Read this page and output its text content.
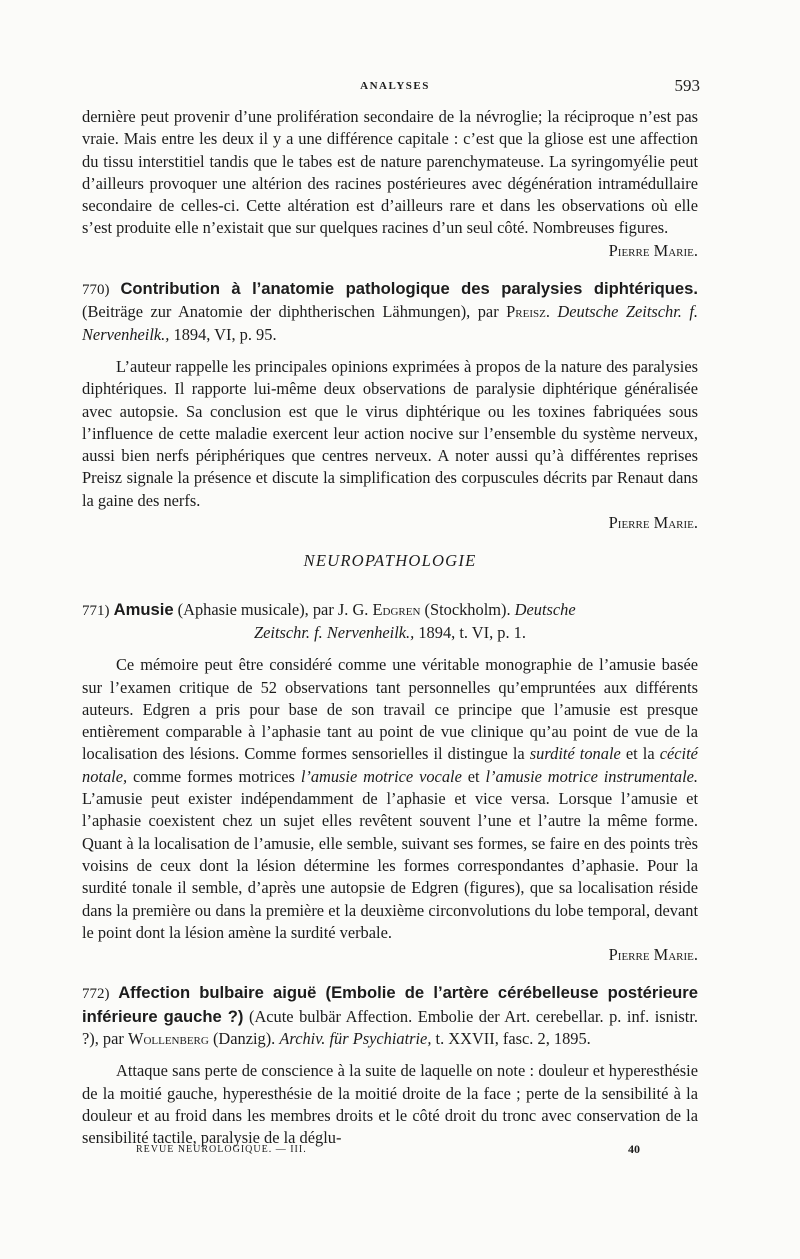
ANALYSES	593

dernière peut provenir d’une prolifération secondaire de la névroglie; la réciproque n’est pas vraie. Mais entre les deux il y a une différence capitale : c’est que la gliose est une affection du tissu interstitiel tandis que le tabes est de nature parenchymateuse. La syringomyélie peut d’ailleurs provoquer une altérion des racines postérieures avec dégénération intramédullaire secondaire de celles-ci. Cette altération est d’ailleurs rare et dans les observations où elle s’est produite elle n’existait que sur quelques racines d’un seul côté. Nombreuses figures.

Pierre Marie.

770) Contribution à l’anatomie pathologique des paralysies diphtériques. (Beiträge zur Anatomie der diphtherischen Lähmungen), par Preisz. Deutsche Zeitschr. f. Nervenheilk., 1894, VI, p. 95.

L’auteur rappelle les principales opinions exprimées à propos de la nature des paralysies diphtériques. Il rapporte lui-même deux observations de paralysie diphtérique généralisée avec autopsie. Sa conclusion est que le virus diphtérique ou les toxines fabriquées sous l’influence de cette maladie exercent leur action nocive sur l’ensemble du système nerveux, aussi bien nerfs périphériques que centres nerveux. A noter aussi qu’à différentes reprises Preisz signale la présence et discute la simplification des corpuscules décrits par Renaut dans la gaine des nerfs.

Pierre Marie.

NEUROPATHOLOGIE

771) Amusie (Aphasie musicale), par J. G. Edgren (Stockholm). Deutsche
Zeitschr. f. Nervenheilk., 1894, t. VI, p. 1.

Ce mémoire peut être considéré comme une véritable monographie de l’amusie basée sur l’examen critique de 52 observations tant personnelles qu’empruntées aux différents auteurs. Edgren a pris pour base de son travail ce principe que l’amusie est presque entièrement comparable à l’aphasie tant au point de vue clinique qu’au point de vue de la localisation des lésions. Comme formes sensorielles il distingue la surdité tonale et la cécité notale, comme formes motrices l’amusie motrice vocale et l’amusie motrice instrumentale. L’amusie peut exister indépendamment de l’aphasie et vice versa. Lorsque l’amusie et l’aphasie coexistent chez un sujet elles revêtent souvent l’une et l’autre la même forme. Quant à la localisation de l’amusie, elle semble, suivant ses formes, se faire en des points très voisins de ceux dont la lésion détermine les formes correspondantes d’aphasie. Pour la surdité tonale il semble, d’après une autopsie de Edgren (figures), que sa localisation réside dans la première ou dans la première et la deuxième circonvolutions du lobe temporal, devant le point dont la lésion amène la surdité verbale.

Pierre Marie.

772) Affection bulbaire aiguë (Embolie de l’artère cérébelleuse postérieure inférieure gauche ?) (Acute bulbär Affection. Embolie der Art. cerebellar. p. inf. isnistr. ?), par Wollenberg (Danzig). Archiv. für Psychiatrie, t. XXVII, fasc. 2, 1895.

Attaque sans perte de conscience à la suite de laquelle on note : douleur et hyperesthésie de la moitié gauche, hyperesthésie de la moitié droite de la face ; perte de la sensibilité à la douleur et au froid dans les membres droits et le côté droit du tronc avec conservation de la sensibilité tactile, paralysie de la déglu-

REVUE NEUROLOGIQUE. — III.	40
